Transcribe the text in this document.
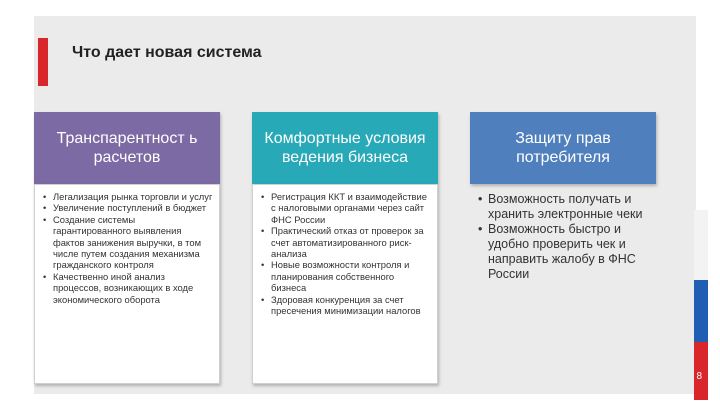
Что дает новая система
Транспарентност ь расчетов
• Легализация рынка торговли и услуг
• Увеличение поступлений в бюджет
• Создание системы гарантированного выявления фактов занижения выручки, в том числе путем создания механизма гражданского контроля
• Качественно иной анализ процессов, возникающих в ходе экономического оборота
Комфортные условия ведения бизнеса
• Регистрация ККТ и взаимодействие с налоговыми органами через сайт ФНС России
• Практический отказ от проверок за счет автоматизированного риск-анализа
• Новые возможности контроля и планирования собственного бизнеса
• Здоровая конкуренция за счет пресечения минимизации налогов
Защиту прав потребителя
• Возможность получать и хранить электронные чеки
• Возможность быстро и удобно проверить чек и направить жалобу в ФНС России
8
